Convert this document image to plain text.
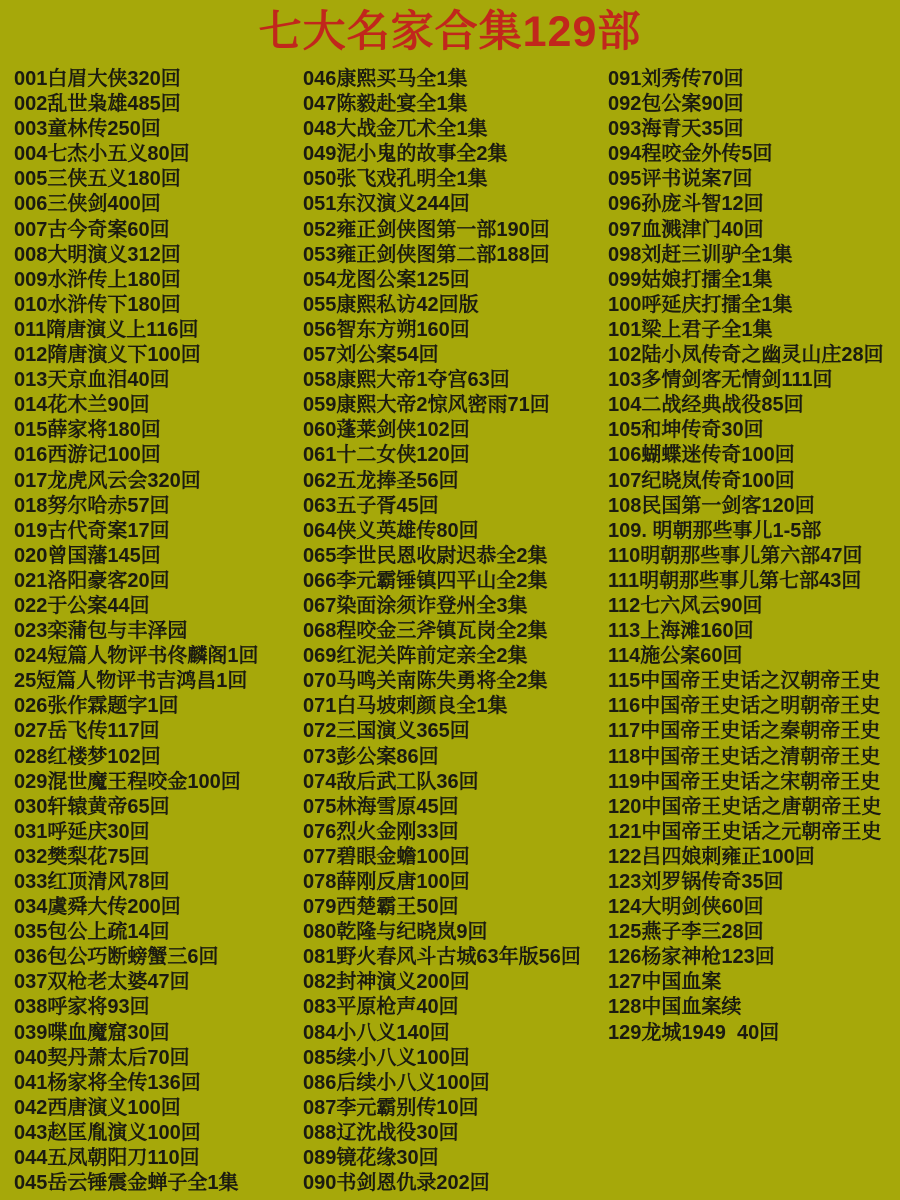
七大名家合集129部
001白眉大侠320回
002乱世枭雄485回
003童林传250回
004七杰小五义80回
005三侠五义180回
006三侠剑400回
007古今奇案60回
008大明演义312回
009水浒传上180回
010水浒传下180回
011隋唐演义上116回
012隋唐演义下100回
013天京血泪40回
014花木兰90回
015薛家将180回
016西游记100回
017龙虎风云会320回
018努尔哈赤57回
019古代奇案17回
020曾国藩145回
021洛阳豪客20回
022于公案44回
023栾蒲包与丰泽园
024短篇人物评书佟麟阁1回
25短篇人物评书吉鸿昌1回
026张作霖题字1回
027岳飞传117回
028红楼梦102回
029混世魔王程咬金100回
030轩辕黄帝65回
031呼延庆30回
032樊梨花75回
033红顶清风78回
034虞舜大传200回
035包公上疏14回
036包公巧断螃蟹三6回
037双枪老太婆47回
038呼家将93回
039喋血魔窟30回
040契丹萧太后70回
041杨家将全传136回
042西唐演义100回
043赵匡胤演义100回
044五凤朝阳刀110回
045岳云锤震金蝉子全1集
046康熙买马全1集
047陈毅赴宴全1集
048大战金兀术全1集
049泥小鬼的故事全2集
050张飞戏孔明全1集
051东汉演义244回
052雍正剑侠图第一部190回
053雍正剑侠图第二部188回
054龙图公案125回
055康熙私访42回版
056智东方朔160回
057刘公案54回
058康熙大帝1夺宫63回
059康熙大帝2惊风密雨71回
060蓬莱剑侠102回
061十二女侠120回
062五龙捧圣56回
063五子胥45回
064侠义英雄传80回
065李世民恩收尉迟恭全2集
066李元霸锤镇四平山全2集
067染面涂须诈登州全3集
068程咬金三斧镇瓦岗全2集
069红泥关阵前定亲全2集
070马鸣关南陈失勇将全2集
071白马坡刺颜良全1集
072三国演义365回
073彭公案86回
074敌后武工队36回
075林海雪原45回
076烈火金刚33回
077碧眼金蟾100回
078薛刚反唐100回
079西楚霸王50回
080乾隆与纪晓岚9回
081野火春风斗古城63年版56回
082封神演义200回
083平原枪声40回
084小八义140回
085续小八义100回
086后续小八义100回
087李元霸别传10回
088辽沈战役30回
089镜花缘30回
090书剑恩仇录202回
091刘秀传70回
092包公案90回
093海青天35回
094程咬金外传5回
095评书说案7回
096孙庞斗智12回
097血溅津门40回
098刘赶三训驴全1集
099姑娘打擂全1集
100呼延庆打擂全1集
101梁上君子全1集
102陆小凤传奇之幽灵山庄28回
103多情剑客无情剑111回
104二战经典战役85回
105和坤传奇30回
106蝴蝶迷传奇100回
107纪晓岚传奇100回
108民国第一剑客120回
109. 明朝那些事儿1-5部
110明朝那些事儿第六部47回
111明朝那些事儿第七部43回
112七六风云90回
113上海滩160回
114施公案60回
115中国帝王史话之汉朝帝王史
116中国帝王史话之明朝帝王史
117中国帝王史话之秦朝帝王史
118中国帝王史话之清朝帝王史
119中国帝王史话之宋朝帝王史
120中国帝王史话之唐朝帝王史
121中国帝王史话之元朝帝王史
122吕四娘刺雍正100回
123刘罗锅传奇35回
124大明剑侠60回
125燕子李三28回
126杨家神枪123回
127中国血案
128中国血案续
129龙城1949  40回
